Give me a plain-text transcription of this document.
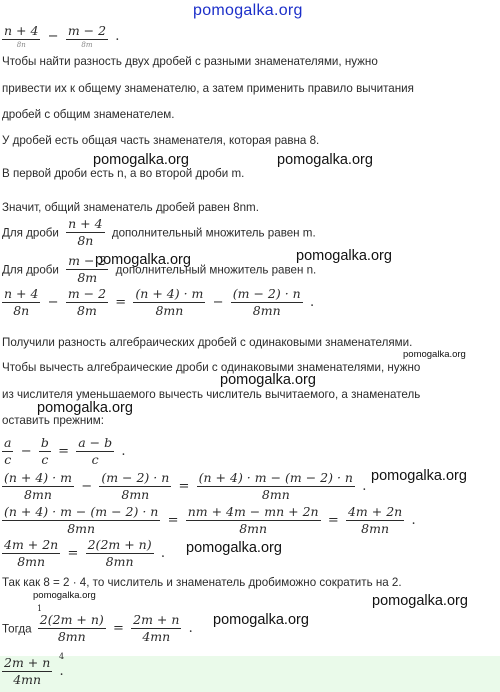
pomogalka.org
$\frac{n + 4}{8n} - \frac{m - 2}{8m}$ .
Чтобы найти разность двух дробей с разными знаменателями, нужно
привести их к общему знаменателю, а затем применить правило вычитания
дробей с общим знаменателем.
У дробей есть общая часть знаменателя, которая равна 8.
pomogalka.org	pomogalka.org
В первой дроби есть n, а во второй дроби m.
Значит, общий знаменатель дробей равен 8nm.
Для дроби $\frac{n + 4}{8n}$ дополнительный множитель равен m.
pomogalka.org	pomogalka.org
Для дроби $\frac{m - 2}{8m}$ дополнительный множитель равен n.
$\frac{n + 4}{8n} - \frac{m - 2}{8m} = \frac{(n + 4) \cdot m}{8mn} - \frac{(m - 2) \cdot n}{8mn}$ .
Получили разность алгебраических дробей с одинаковыми знаменателями.
pomogalka.org
Чтобы вычесть алгебраические дроби с одинаковыми знаменателями, нужно
pomogalka.org
из числителя уменьшаемого вычесть числитель вычитаемого, а знаменатель
pomogalka.org
оставить прежним:
$\frac{a}{c} - \frac{b}{c} = \frac{a - b}{c}$ .
pomogalka.org
$\frac{(n + 4) \cdot m}{8mn} - \frac{(m - 2) \cdot n}{8mn} = \frac{(n + 4) \cdot m - (m - 2) \cdot n}{8mn}$ .
$\frac{(n + 4) \cdot m - (m - 2) \cdot n}{8mn} = \frac{nm + 4m - mn + 2n}{8mn} = \frac{4m + 2n}{8mn}$ .
$\frac{4m + 2n}{8mn} = \frac{2(2m + n)}{8mn}$ . pomogalka.org
Так как 8 = 2 · 4, то числитель и знаменатель дробиможно сократить на 2.
pomogalka.org	pomogalka.org
1
Тогда $\frac{2(2m + n)}{8mn} = \frac{2m + n}{4mn}$ .
pomogalka.org
4
$\frac{2m + n}{4mn}$ .
